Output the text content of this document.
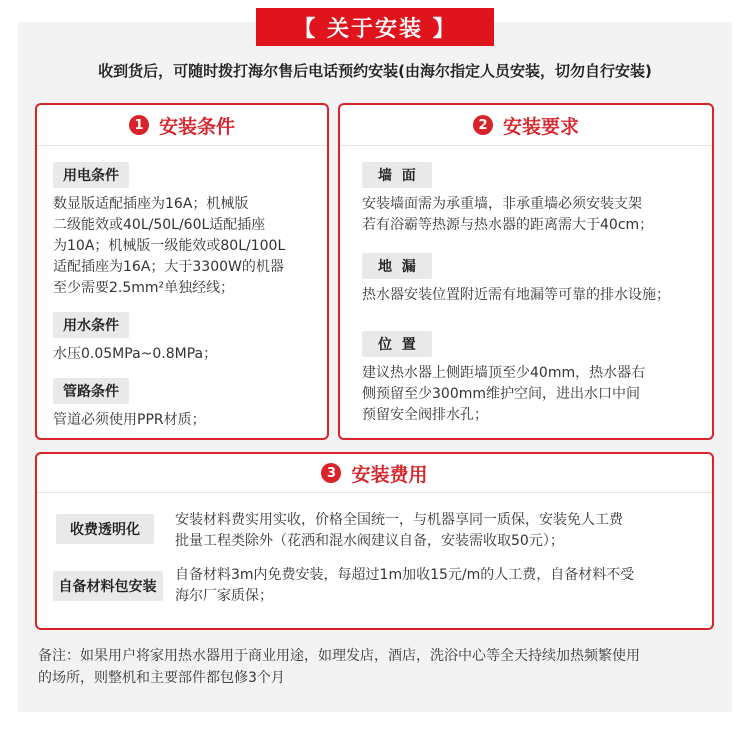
【 关于安装 】
收到货后，可随时拨打海尔售后电话预约安装(由海尔指定人员安装，切勿自行安装)
1 安装条件
用电条件
数显版适配插座为16A；机械版
二级能效或40L/50L/60L适配插座
为10A；机械版一级能效或80L/100L
适配插座为16A；大于3300W的机器
至少需要2.5mm²单独经线；
用水条件
水压0.05MPa~0.8MPa；
管路条件
管道必须使用PPR材质；
2 安装要求
墙  面
安装墙面需为承重墙，非承重墙必须安装支架
若有浴霸等热源与热水器的距离需大于40cm；
地  漏
热水器安装位置附近需有地漏等可靠的排水设施；
位  置
建议热水器上侧距墙顶至少40mm，热水器右
侧预留至少300mm维护空间，进出水口中间
预留安全阀排水孔；
3 安装费用
收费透明化
安装材料费实用实收，价格全国统一，与机器享同一质保，安装免人工费
批量工程类除外（花洒和混水阀建议自备，安装需收取50元）；
自备材料包安装
自备材料3m内免费安装，每超过1m加收15元/m的人工费，自备材料不受
海尔厂家质保；
备注：如果用户将家用热水器用于商业用途，如理发店，酒店，洗浴中心等全天持续加热频繁使用
的场所，则整机和主要部件都包修3个月
